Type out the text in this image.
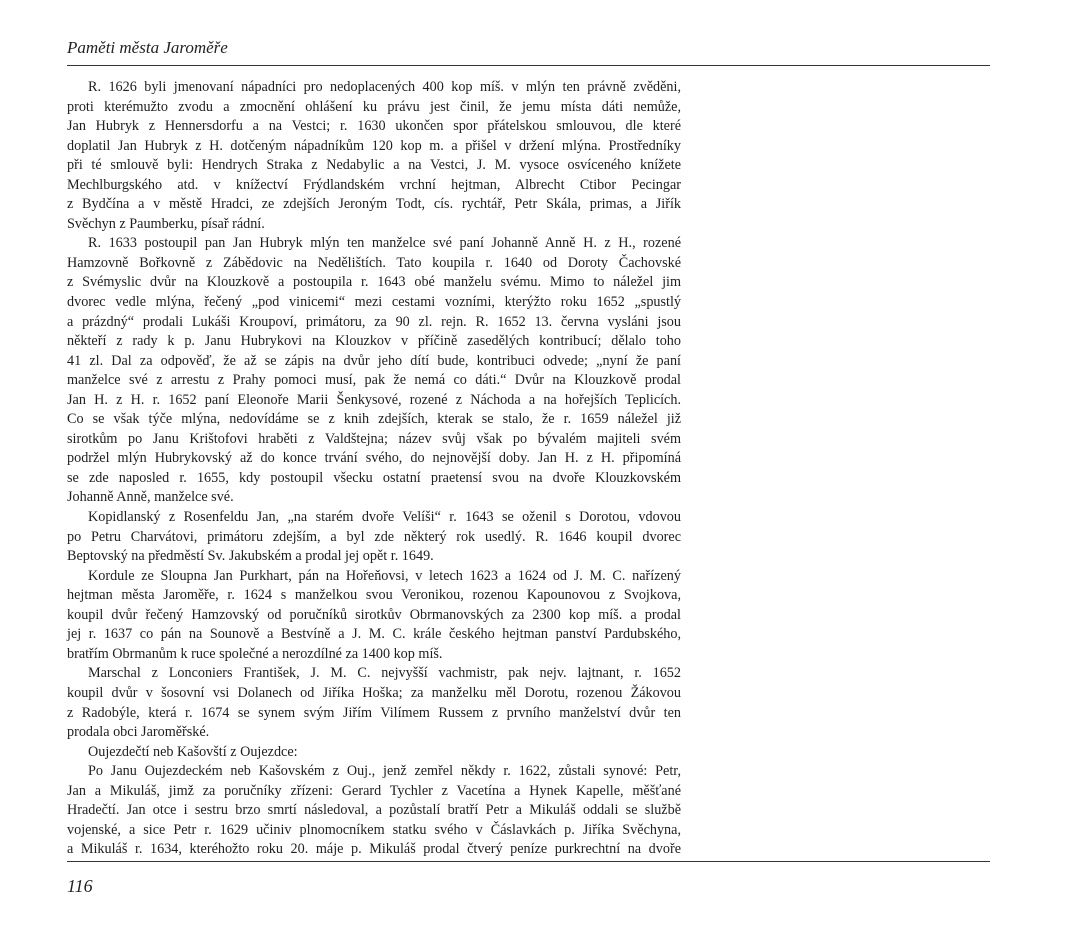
Paměti města Jaroměře
R. 1626 byli jmenovaní nápadníci pro nedoplacených 400 kop míš. v mlýn ten právně zvěděni,
proti kterémužto zvodu a zmocnění ohlášení ku právu jest činil, že jemu místa dáti nemůže,
Jan Hubryk z Hennersdorfu a na Vestci; r. 1630 ukončen spor přátelskou smlouvou, dle které
doplatil Jan Hubryk z H. dotčeným nápadníkům 120 kop m. a přišel v držení mlýna. Prostředníky
při té smlouvě byli: Hendrych Straka z Nedabylic a na Vestci, J. M. vysoce osvíceného knížete
Mechlburgského atd. v knížectví Frýdlandském vrchní hejtman, Albrecht Ctibor Pecingar
z Bydčína a v městě Hradci, ze zdejších Jeroným Todt, cís. rychtář, Petr Skála, primas, a Jiřík
Svěchyn z Paumberku, písař rádní.
R. 1633 postoupil pan Jan Hubryk mlýn ten manželce své paní Johanně Anně H. z H., rozené
Hamzovně Bořkovně z Zábědovic na Nedělištích. Tato koupila r. 1640 od Doroty Čachovské
z Svémyslic dvůr na Klouzkově a postoupila r. 1643 obé manželu svému. Mimo to náležel jim
dvorec vedle mlýna, řečený „pod vinicemi“ mezi cestami vozními, kterýžto roku 1652 „spustlý
a prázdný“ prodali Lukáši Kroupoví, primátoru, za 90 zl. rejn. R. 1652 13. června vysláni jsou
někteří z rady k p. Janu Hubrykovi na Klouzkov v příčině zasedělých kontribucí; dělalo toho
41 zl. Dal za odpověď, že až se zápis na dvůr jeho dítí bude, kontribuci odvede; „nyní že paní
manželce své z arrestu z Prahy pomoci musí, pak že nemá co dáti.“ Dvůr na Klouzkově prodal
Jan H. z H. r. 1652 paní Eleonoře Marii Šenkysové, rozené z Náchoda a na hořejších Teplicích.
Co se však týče mlýna, nedovídáme se z knih zdejších, kterak se stalo, že r. 1659 náležel již
sirotkům po Janu Krištofovi hraběti z Valdštejna; název svůj však po bývalém majiteli svém
podržel mlýn Hubrykovský až do konce trvání svého, do nejnovější doby. Jan H. z H. připomíná
se zde naposled r. 1655, kdy postoupil všecku ostatní praetensí svou na dvoře Klouzkovském
Johanně Anně, manželce své.
Kopidlanský z Rosenfeldu Jan, „na starém dvoře Velíši“ r. 1643 se oženil s Dorotou, vdovou
po Petru Charvátovi, primátoru zdejším, a byl zde některý rok usedlý. R. 1646 koupil dvorec
Beptovský na předměstí Sv. Jakubském a prodal jej opět r. 1649.
Kordule ze Sloupna Jan Purkhart, pán na Hořeňovsi, v letech 1623 a 1624 od J. M. C. nařízený
hejtman města Jaroměře, r. 1624 s manželkou svou Veronikou, rozenou Kapounovou z Svojkova,
koupil dvůr řečený Hamzovský od poručníků sirotkův Obrmanovských za 2300 kop míš. a prodal
jej r. 1637 co pán na Sounově a Bestvíně a J. M. C. krále českého hejtman panství Pardubského,
bratřím Obrmanům k ruce společné a nerozdílné za 1400 kop míš.
Marschal z Lonconiers František, J. M. C. nejvyšší vachmistr, pak nejv. lajtnant, r. 1652
koupil dvůr v šosovní vsi Dolanech od Jiříka Hoška; za manželku měl Dorotu, rozenou Žákovou
z Radobýle, která r. 1674 se synem svým Jiřím Vilímem Russem z prvního manželství dvůr ten
prodala obci Jaroměřské.
Oujezdečtí neb Kašovští z Oujezdce:
Po Janu Oujezdeckém neb Kašovském z Ouj., jenž zemřel někdy r. 1622, zůstali synové: Petr,
Jan a Mikuláš, jimž za poručníky zřízeni: Gerard Tychler z Vacetína a Hynek Kapelle, měšťané
Hradečtí. Jan otce i sestru brzo smrtí následoval, a pozůstalí bratří Petr a Mikuláš oddali se službě
vojenské, a sice Petr r. 1629 učiniv plnomocníkem statku svého v Čáslavkách p. Jiříka Svěchyna,
a Mikuláš r. 1634, kteréhožto roku 20. máje p. Mikuláš prodal čtverý peníze purkrechtní na dvoře
116
